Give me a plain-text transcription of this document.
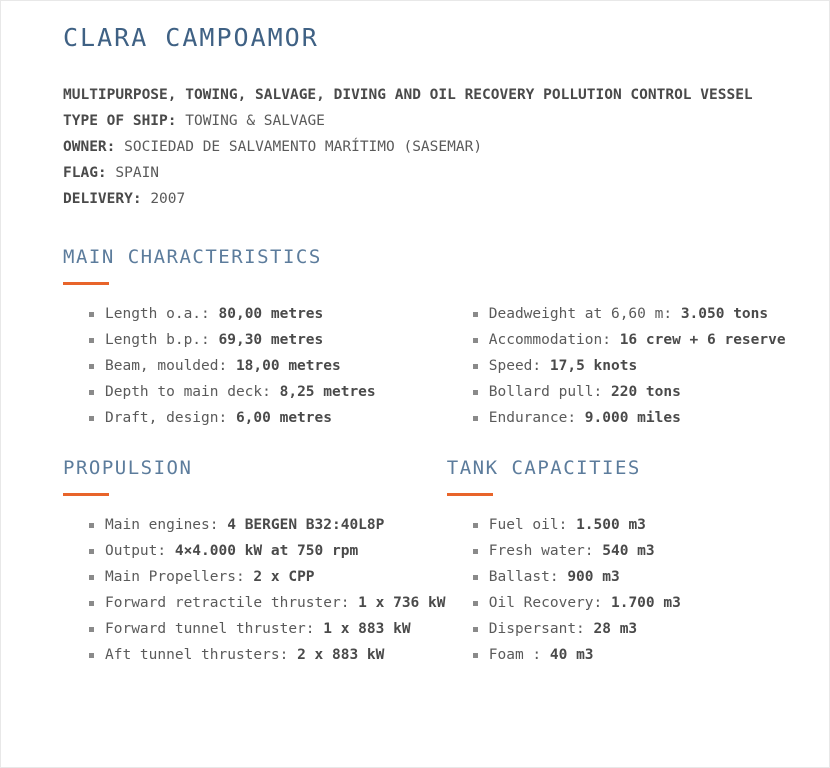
CLARA CAMPOAMOR
MULTIPURPOSE, TOWING, SALVAGE, DIVING AND OIL RECOVERY POLLUTION CONTROL VESSEL
TYPE OF SHIP: TOWING & SALVAGE
OWNER: SOCIEDAD DE SALVAMENTO MARÍTIMO (SASEMAR)
FLAG: SPAIN
DELIVERY: 2007
MAIN CHARACTERISTICS
Length o.a.: 80,00 metres
Length b.p.: 69,30 metres
Beam, moulded: 18,00 metres
Depth to main deck: 8,25 metres
Draft, design: 6,00 metres
Deadweight at 6,60 m: 3.050 tons
Accommodation: 16 crew + 6 reserve
Speed: 17,5 knots
Bollard pull: 220 tons
Endurance: 9.000 miles
PROPULSION
Main engines: 4 BERGEN B32:40L8P
Output: 4×4.000 kW at 750 rpm
Main Propellers: 2 x CPP
Forward retractile thruster: 1 x 736 kW
Forward tunnel thruster: 1 x 883 kW
Aft tunnel thrusters: 2 x 883 kW
TANK CAPACITIES
Fuel oil: 1.500 m3
Fresh water: 540 m3
Ballast: 900 m3
Oil Recovery: 1.700 m3
Dispersant: 28 m3
Foam : 40 m3
